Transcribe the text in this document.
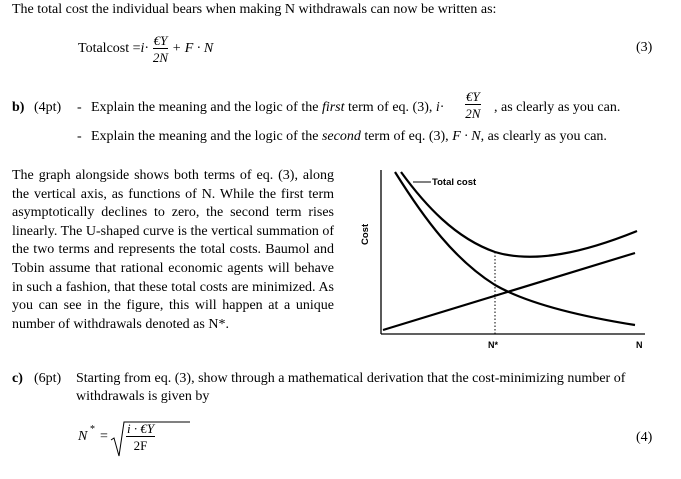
The total cost the individual bears when making N withdrawals can now be written as:
Totalcost $=i\cdot \frac{€Y}{2N} + F \cdot N$	(3)
b) (4pt) - Explain the meaning and the logic of the first term of eq. (3), $i\cdot \frac{€Y}{2N}$ , as clearly as you can.
- Explain the meaning and the logic of the second term of eq. (3), F · N, as clearly as you can.
The graph alongside shows both terms of eq. (3), along the vertical axis, as functions of N. While the first term asymptotically declines to zero, the second term rises linearly. The U-shaped curve is the vertical summation of the two terms and represents the total costs. Baumol and Tobin assume that rational economic agents will behave in such a fashion, that these total costs are minimized. As you can see in the figure, this will happen at a unique number of withdrawals denoted as N*.
Total cost
Cost
N*	N
c) (6pt) Starting from eq. (3), show through a mathematical derivation that the cost-minimizing number of
withdrawals is given by
N * = $\frac{i \cdot €Y}{2F}$	(4)
